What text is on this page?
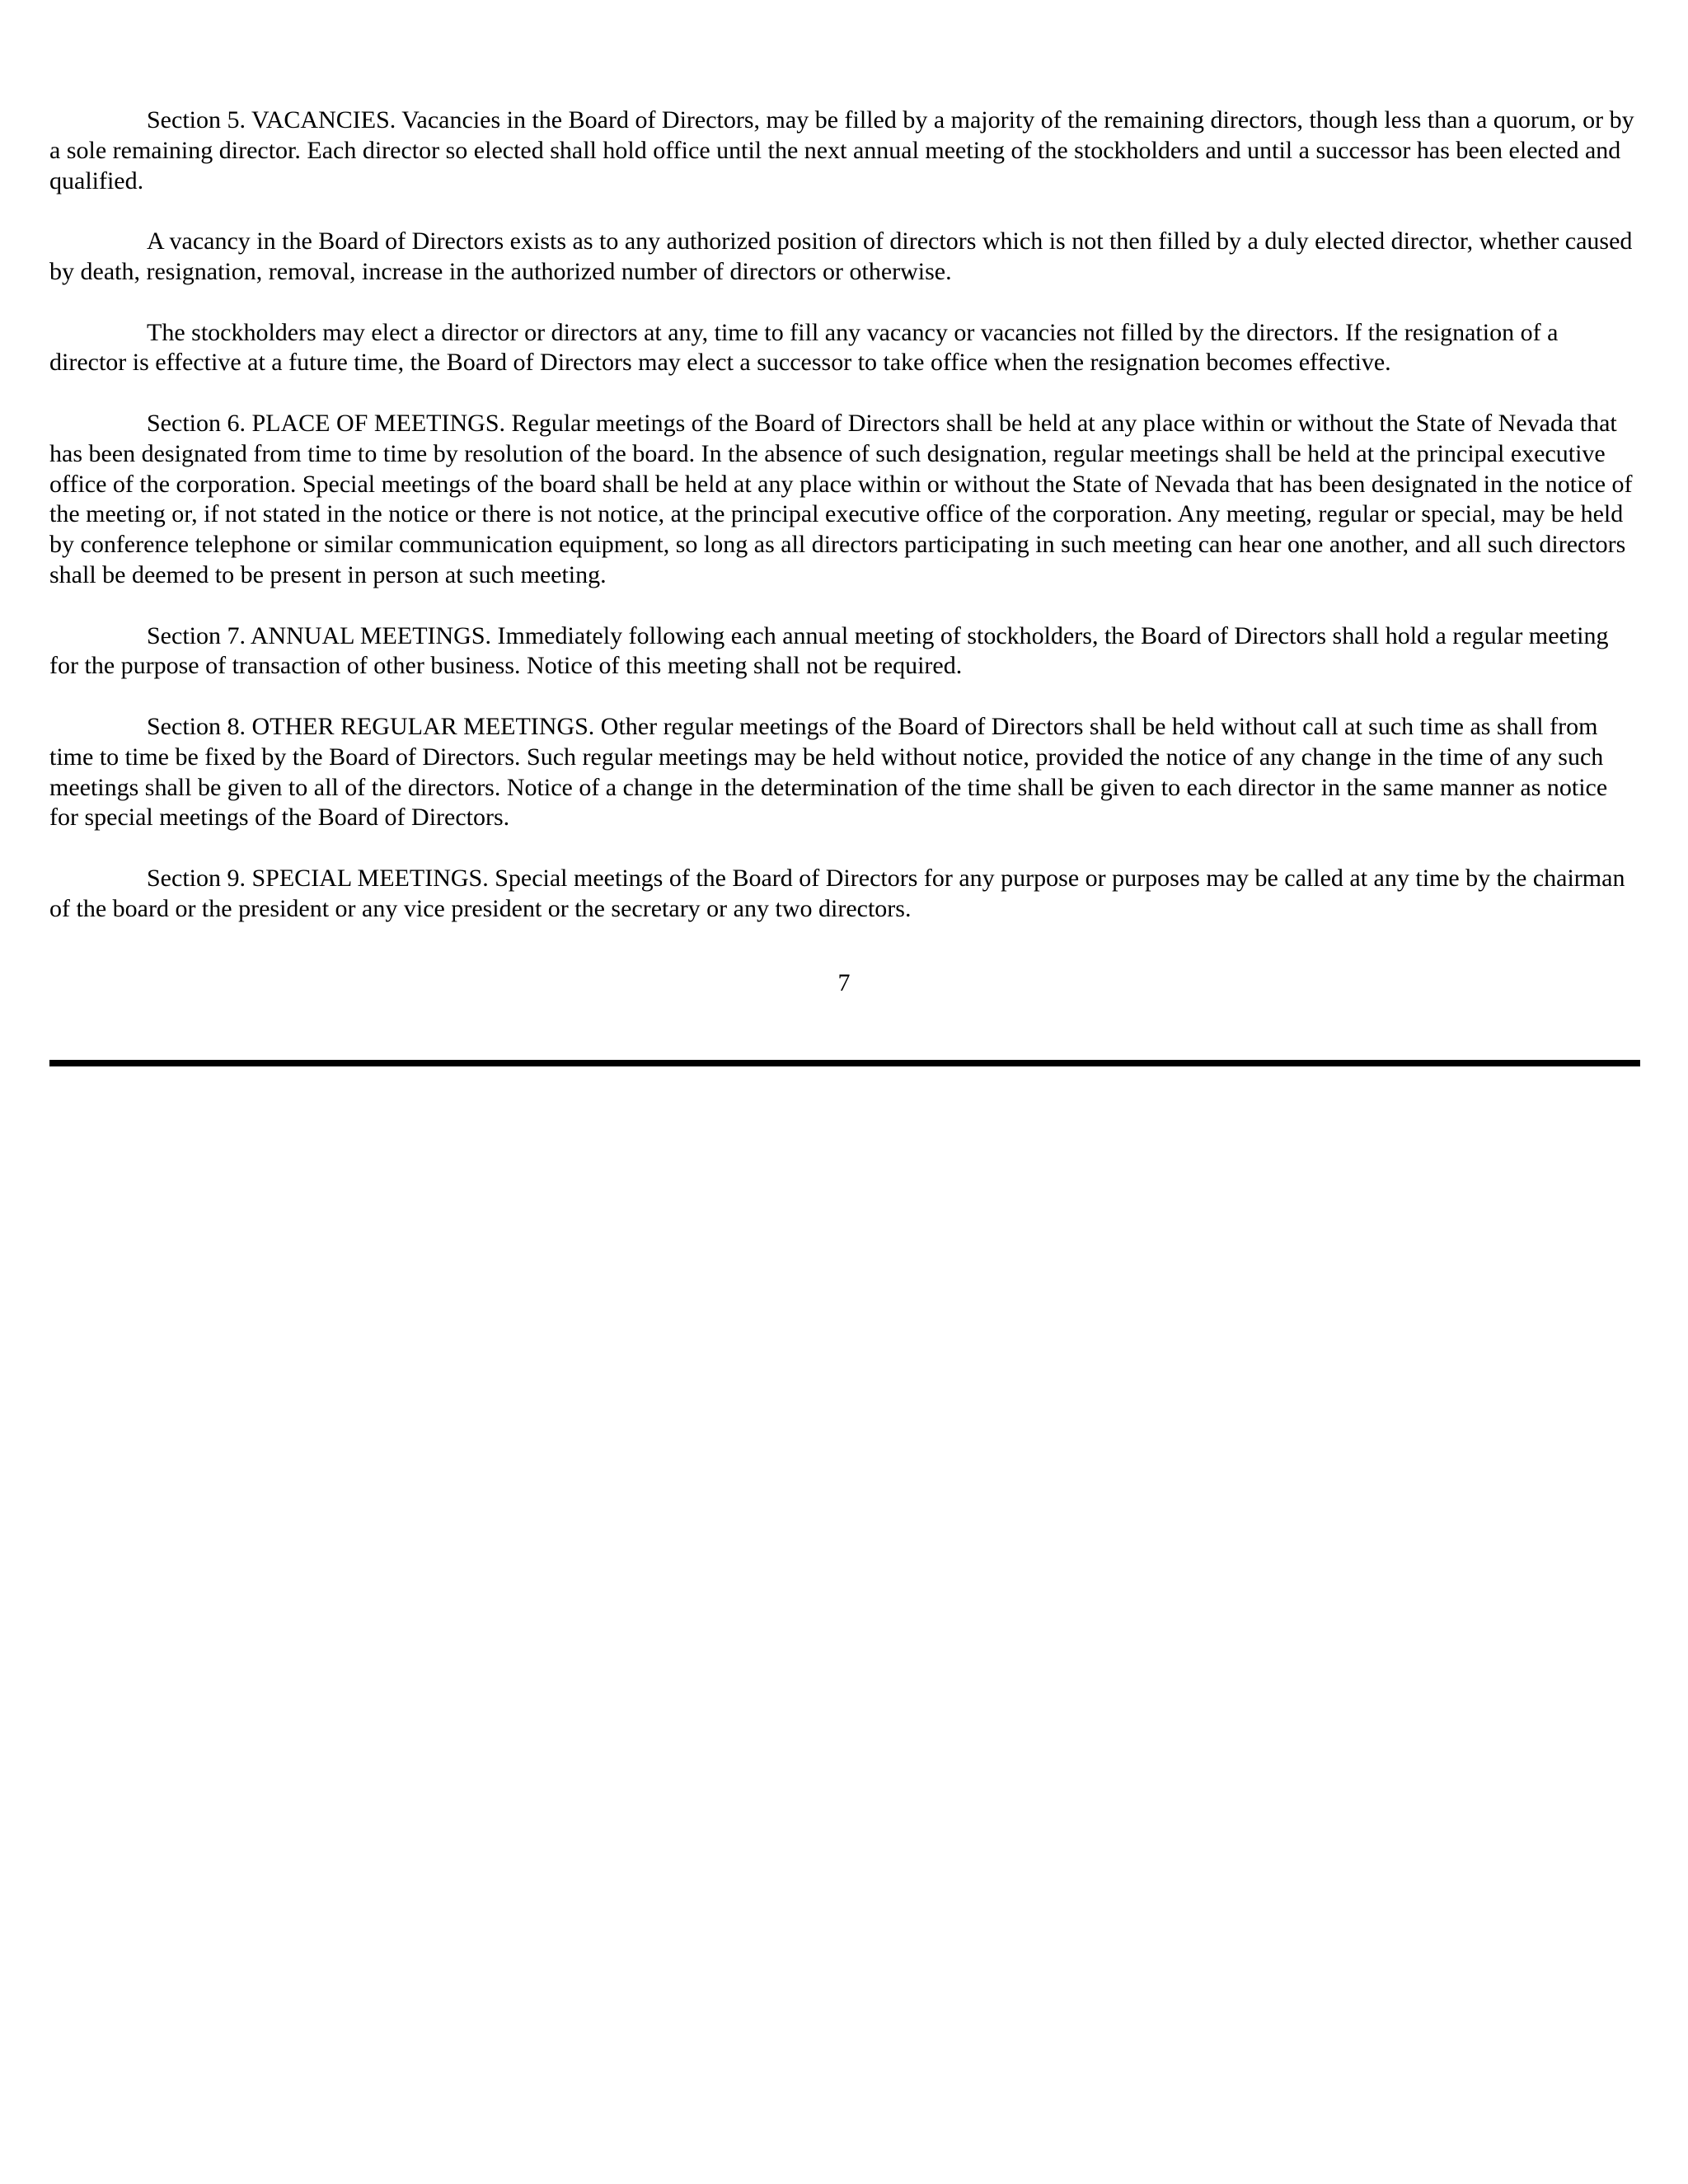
Section 5. VACANCIES. Vacancies in the Board of Directors, may be filled by a majority of the remaining directors, though less than a quorum, or by a sole remaining director. Each director so elected shall hold office until the next annual meeting of the stockholders and until a successor has been elected and qualified.

A vacancy in the Board of Directors exists as to any authorized position of directors which is not then filled by a duly elected director, whether caused by death, resignation, removal, increase in the authorized number of directors or otherwise.

The stockholders may elect a director or directors at any, time to fill any vacancy or vacancies not filled by the directors. If the resignation of a director is effective at a future time, the Board of Directors may elect a successor to take office when the resignation becomes effective.

Section 6. PLACE OF MEETINGS. Regular meetings of the Board of Directors shall be held at any place within or without the State of Nevada that has been designated from time to time by resolution of the board. In the absence of such designation, regular meetings shall be held at the principal executive office of the corporation. Special meetings of the board shall be held at any place within or without the State of Nevada that has been designated in the notice of the meeting or, if not stated in the notice or there is not notice, at the principal executive office of the corporation. Any meeting, regular or special, may be held by conference telephone or similar communication equipment, so long as all directors participating in such meeting can hear one another, and all such directors shall be deemed to be present in person at such meeting.

Section 7. ANNUAL MEETINGS. Immediately following each annual meeting of stockholders, the Board of Directors shall hold a regular meeting for the purpose of transaction of other business. Notice of this meeting shall not be required.

Section 8. OTHER REGULAR MEETINGS. Other regular meetings of the Board of Directors shall be held without call at such time as shall from time to time be fixed by the Board of Directors. Such regular meetings may be held without notice, provided the notice of any change in the time of any such meetings shall be given to all of the directors. Notice of a change in the determination of the time shall be given to each director in the same manner as notice for special meetings of the Board of Directors.

Section 9. SPECIAL MEETINGS. Special meetings of the Board of Directors for any purpose or purposes may be called at any time by the chairman of the board or the president or any vice president or the secretary or any two directors.

7
